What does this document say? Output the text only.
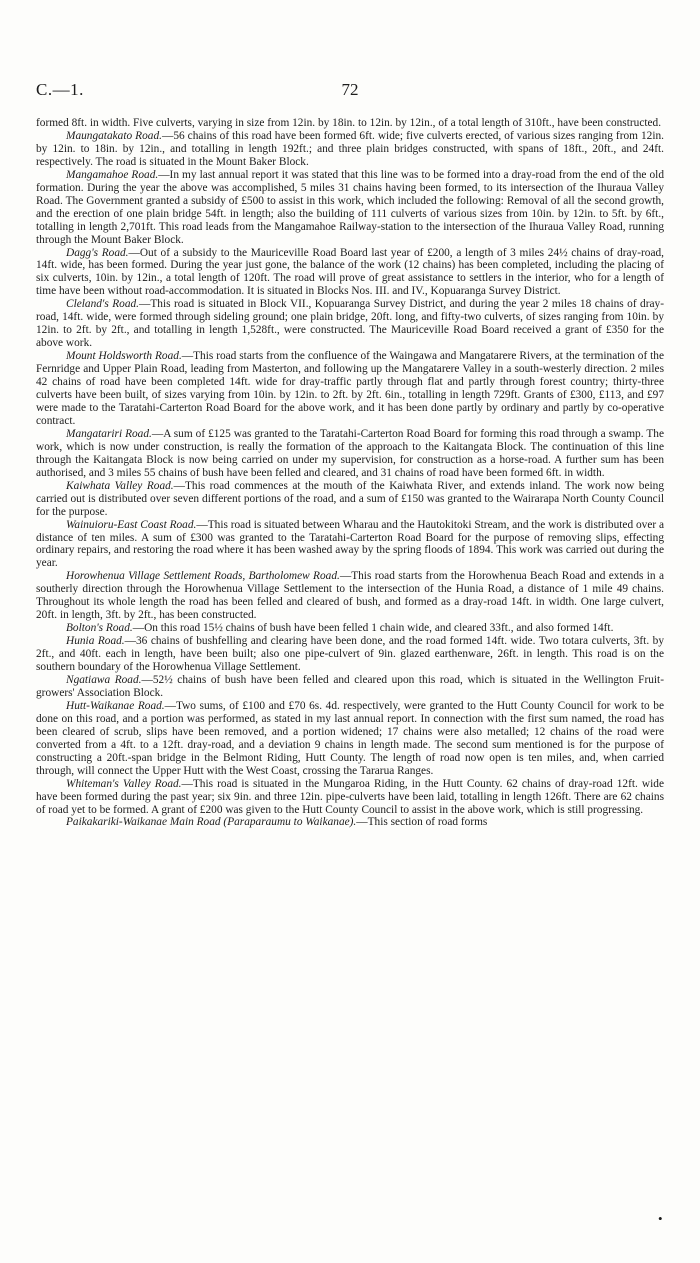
C.—1.	72

formed 8ft. in width. Five culverts, varying in size from 12in. by 18in. to 12in. by 12in., of a total length of 310ft., have been constructed.

Maungatakato Road.—56 chains of this road have been formed 6ft. wide; five culverts erected, of various sizes ranging from 12in. by 12in. to 18in. by 12in., and totalling in length 192ft.; and three plain bridges constructed, with spans of 18ft., 20ft., and 24ft. respectively. The road is situated in the Mount Baker Block.

Mangamahoe Road.—In my last annual report it was stated that this line was to be formed into a dray-road from the end of the old formation. During the year the above was accomplished, 5 miles 31 chains having been formed, to its intersection of the Ihuraua Valley Road. The Government granted a subsidy of £500 to assist in this work, which included the following: Removal of all the second growth, and the erection of one plain bridge 54ft. in length; also the building of 111 culverts of various sizes from 10in. by 12in. to 5ft. by 6ft., totalling in length 2,701ft. This road leads from the Mangamahoe Railway-station to the intersection of the Ihuraua Valley Road, running through the Mount Baker Block.

Dagg's Road.—Out of a subsidy to the Mauriceville Road Board last year of £200, a length of 3 miles 24½ chains of dray-road, 14ft. wide, has been formed. During the year just gone, the balance of the work (12 chains) has been completed, including the placing of six culverts, 10in. by 12in., a total length of 120ft. The road will prove of great assistance to settlers in the interior, who for a length of time have been without road-accommodation. It is situated in Blocks Nos. III. and IV., Kopuaranga Survey District.

Cleland's Road.—This road is situated in Block VII., Kopuaranga Survey District, and during the year 2 miles 18 chains of dray-road, 14ft. wide, were formed through sideling ground; one plain bridge, 20ft. long, and fifty-two culverts, of sizes ranging from 10in. by 12in. to 2ft. by 2ft., and totalling in length 1,528ft., were constructed. The Mauriceville Road Board received a grant of £350 for the above work.

Mount Holdsworth Road.—This road starts from the confluence of the Waingawa and Mangatarere Rivers, at the termination of the Fernridge and Upper Plain Road, leading from Masterton, and following up the Mangatarere Valley in a south-westerly direction. 2 miles 42 chains of road have been completed 14ft. wide for dray-traffic partly through flat and partly through forest country; thirty-three culverts have been built, of sizes varying from 10in. by 12in. to 2ft. by 2ft. 6in., totalling in length 729ft. Grants of £300, £113, and £97 were made to the Taratahi-Carterton Road Board for the above work, and it has been done partly by ordinary and partly by co-operative contract.

Mangatariri Road.—A sum of £125 was granted to the Taratahi-Carterton Road Board for forming this road through a swamp. The work, which is now under construction, is really the formation of the approach to the Kaitangata Block. The continuation of this line through the Kaitangata Block is now being carried on under my supervision, for construction as a horse-road. A further sum has been authorised, and 3 miles 55 chains of bush have been felled and cleared, and 31 chains of road have been formed 6ft. in width.

Kaiwhata Valley Road.—This road commences at the mouth of the Kaiwhata River, and extends inland. The work now being carried out is distributed over seven different portions of the road, and a sum of £150 was granted to the Wairarapa North County Council for the purpose.

Wainuioru-East Coast Road.—This road is situated between Wharau and the Hautokitoki Stream, and the work is distributed over a distance of ten miles. A sum of £300 was granted to the Taratahi-Carterton Road Board for the purpose of removing slips, effecting ordinary repairs, and restoring the road where it has been washed away by the spring floods of 1894. This work was carried out during the year.

Horowhenua Village Settlement Roads, Bartholomew Road.—This road starts from the Horowhenua Beach Road and extends in a southerly direction through the Horowhenua Village Settlement to the intersection of the Hunia Road, a distance of 1 mile 49 chains. Throughout its whole length the road has been felled and cleared of bush, and formed as a dray-road 14ft. in width. One large culvert, 20ft. in length, 3ft. by 2ft., has been constructed.

Bolton's Road.—On this road 15½ chains of bush have been felled 1 chain wide, and cleared 33ft., and also formed 14ft.

Hunia Road.—36 chains of bushfelling and clearing have been done, and the road formed 14ft. wide. Two totara culverts, 3ft. by 2ft., and 40ft. each in length, have been built; also one pipe-culvert of 9in. glazed earthenware, 26ft. in length. This road is on the southern boundary of the Horowhenua Village Settlement.

Ngatiawa Road.—52½ chains of bush have been felled and cleared upon this road, which is situated in the Wellington Fruit-growers' Association Block.

Hutt-Waikanae Road.—Two sums, of £100 and £70 6s. 4d. respectively, were granted to the Hutt County Council for work to be done on this road, and a portion was performed, as stated in my last annual report. In connection with the first sum named, the road has been cleared of scrub, slips have been removed, and a portion widened; 17 chains were also metalled; 12 chains of the road were converted from a 4ft. to a 12ft. dray-road, and a deviation 9 chains in length made. The second sum mentioned is for the purpose of constructing a 20ft.-span bridge in the Belmont Riding, Hutt County. The length of road now open is ten miles, and, when carried through, will connect the Upper Hutt with the West Coast, crossing the Tararua Ranges.

Whiteman's Valley Road.—This road is situated in the Mungaroa Riding, in the Hutt County. 62 chains of dray-road 12ft. wide have been formed during the past year; six 9in. and three 12in. pipe-culverts have been laid, totalling in length 126ft. There are 62 chains of road yet to be formed. A grant of £200 was given to the Hutt County Council to assist in the above work, which is still progressing.

Paikakariki-Waikanae Main Road (Paraparaumu to Waikanae).—This section of road forms

•
